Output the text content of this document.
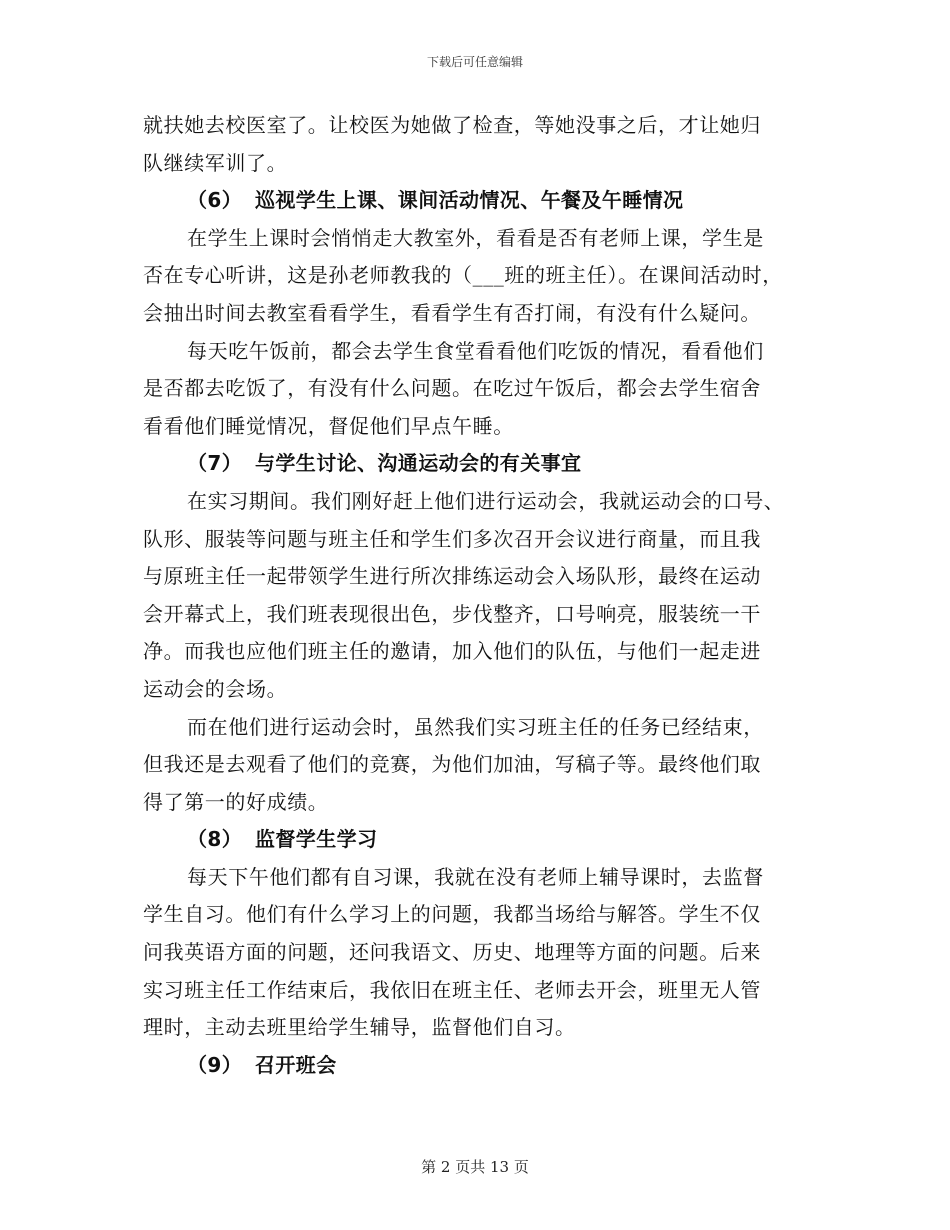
下载后可任意编辑
就扶她去校医室了。让校医为她做了检查，等她没事之后，才让她归
队继续军训了。
（6） 巡视学生上课、课间活动情况、午餐及午睡情况
在学生上课时会悄悄走大教室外，看看是否有老师上课，学生是
否在专心听讲，这是孙老师教我的（___班的班主任）。在课间活动时，
会抽出时间去教室看看学生，看看学生有否打闹，有没有什么疑问。
每天吃午饭前，都会去学生食堂看看他们吃饭的情况，看看他们
是否都去吃饭了，有没有什么问题。在吃过午饭后，都会去学生宿舍
看看他们睡觉情况，督促他们早点午睡。
（7） 与学生讨论、沟通运动会的有关事宜
在实习期间。我们刚好赶上他们进行运动会，我就运动会的口号、
队形、服装等问题与班主任和学生们多次召开会议进行商量，而且我
与原班主任一起带领学生进行所次排练运动会入场队形，最终在运动
会开幕式上，我们班表现很出色，步伐整齐，口号响亮，服装统一干
净。而我也应他们班主任的邀请，加入他们的队伍，与他们一起走进
运动会的会场。
而在他们进行运动会时，虽然我们实习班主任的任务已经结束，
但我还是去观看了他们的竞赛，为他们加油，写稿子等。最终他们取
得了第一的好成绩。
（8） 监督学生学习
每天下午他们都有自习课，我就在没有老师上辅导课时，去监督
学生自习。他们有什么学习上的问题，我都当场给与解答。学生不仅
问我英语方面的问题，还问我语文、历史、地理等方面的问题。后来
实习班主任工作结束后，我依旧在班主任、老师去开会，班里无人管
理时，主动去班里给学生辅导，监督他们自习。
（9） 召开班会
第 2 页共 13 页
